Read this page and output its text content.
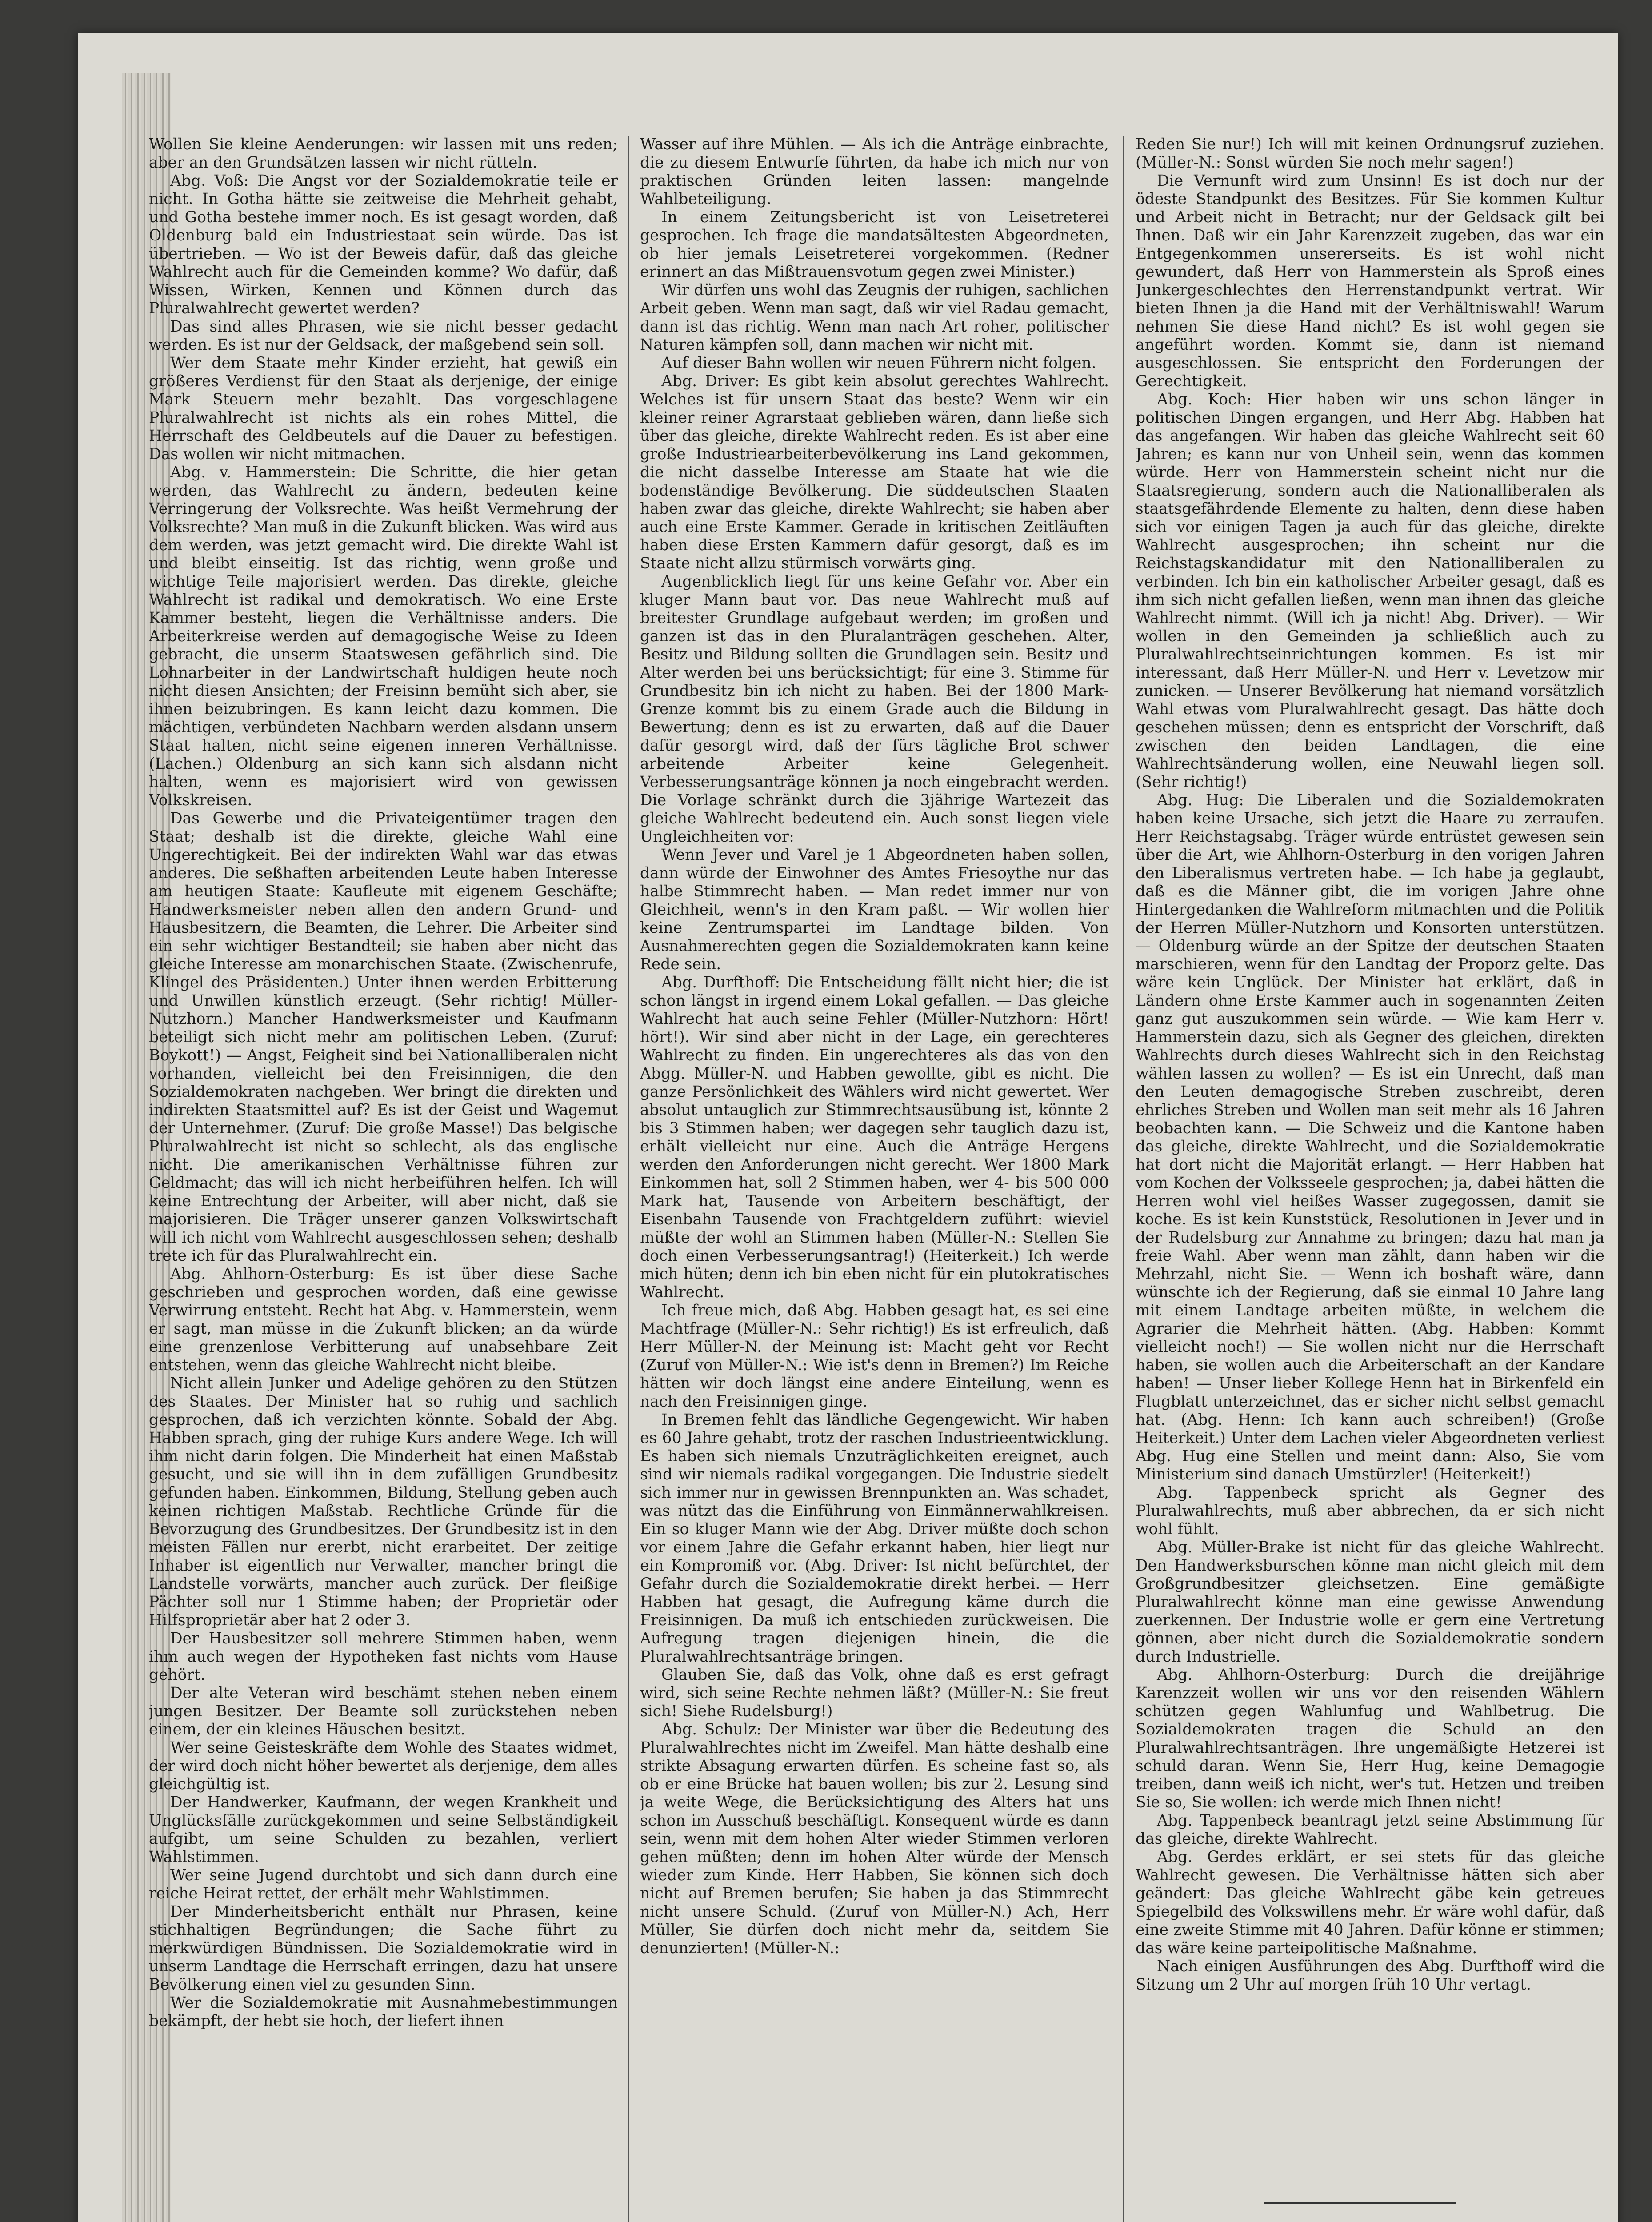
Wollen Sie kleine Aenderungen: wir lassen mit uns reden; aber an den Grundsätzen lassen wir nicht rütteln.

Abg. Voß: Die Angst vor der Sozialdemokratie teile er nicht. In Gotha hätte sie zeitweise die Mehrheit gehabt, und Gotha bestehe immer noch. Es ist gesagt worden, daß Oldenburg bald ein Industriestaat sein würde. Das ist übertrieben. — Wo ist der Beweis dafür, daß das gleiche Wahlrecht auch für die Gemeinden komme? Wo dafür, daß Wissen, Wirken, Kennen und Können durch das Pluralwahlrecht gewertet werden?

Das sind alles Phrasen, wie sie nicht besser gedacht werden. Es ist nur der Geldsack, der maßgebend sein soll.

Wer dem Staate mehr Kinder erzieht, hat gewiß ein größeres Verdienst für den Staat als derjenige, der einige Mark Steuern mehr bezahlt. Das vorgeschlagene Pluralwahlrecht ist nichts als ein rohes Mittel, die Herrschaft des Geldbeutels auf die Dauer zu befestigen. Das wollen wir nicht mitmachen.

Abg. v. Hammerstein: Die Schritte, die hier getan werden, das Wahlrecht zu ändern, bedeuten keine Verringerung der Volksrechte. Was heißt Vermehrung der Volksrechte? Man muß in die Zukunft blicken. Was wird aus dem werden, was jetzt gemacht wird. Die direkte Wahl ist und bleibt einseitig. Ist das richtig, wenn große und wichtige Teile majorisiert werden. Das direkte, gleiche Wahlrecht ist radikal und demokratisch. Wo eine Erste Kammer besteht, liegen die Verhältnisse anders. Die Arbeiterkreise werden auf demagogische Weise zu Ideen gebracht, die unserm Staatswesen gefährlich sind. Die Lohnarbeiter in der Landwirtschaft huldigen heute noch nicht diesen Ansichten; der Freisinn bemüht sich aber, sie ihnen beizubringen. Es kann leicht dazu kommen. Die mächtigen, verbündeten Nachbarn werden alsdann unsern Staat halten, nicht seine eigenen inneren Verhältnisse. (Lachen.) Oldenburg an sich kann sich alsdann nicht halten, wenn es majorisiert wird von gewissen Volkskreisen.

Das Gewerbe und die Privateigentümer tragen den Staat; deshalb ist die direkte, gleiche Wahl eine Ungerechtigkeit. Bei der indirekten Wahl war das etwas anderes. Die seßhaften arbeitenden Leute haben Interesse am heutigen Staate: Kaufleute mit eigenem Geschäfte; Handwerksmeister neben allen den andern Grund- und Hausbesitzern, die Beamten, die Lehrer. Die Arbeiter sind ein sehr wichtiger Bestandteil; sie haben aber nicht das gleiche Interesse am monarchischen Staate. (Zwischenrufe, Klingel des Präsidenten.) Unter ihnen werden Erbitterung und Unwillen künstlich erzeugt. (Sehr richtig! Müller-Nutzhorn.) Mancher Handwerksmeister und Kaufmann beteiligt sich nicht mehr am politischen Leben. (Zuruf: Boykott!) — Angst, Feigheit sind bei Nationalliberalen nicht vorhanden, vielleicht bei den Freisinnigen, die den Sozialdemokraten nachgeben. Wer bringt die direkten und indirekten Staatsmittel auf? Es ist der Geist und Wagemut der Unternehmer. (Zuruf: Die große Masse!) Das belgische Pluralwahlrecht ist nicht so schlecht, als das englische nicht. Die amerikanischen Verhältnisse führen zur Geldmacht; das will ich nicht herbeiführen helfen. Ich will keine Entrechtung der Arbeiter, will aber nicht, daß sie majorisieren. Die Träger unserer ganzen Volkswirtschaft will ich nicht vom Wahlrecht ausgeschlossen sehen; deshalb trete ich für das Pluralwahlrecht ein.

Abg. Ahlhorn-Osterburg: Es ist über diese Sache geschrieben und gesprochen worden, daß eine gewisse Verwirrung entsteht. Recht hat Abg. v. Hammerstein, wenn er sagt, man müsse in die Zukunft blicken; an da würde eine grenzenlose Verbitterung auf unabsehbare Zeit entstehen, wenn das gleiche Wahlrecht nicht bleibe.

Nicht allein Junker und Adelige gehören zu den Stützen des Staates. Der Minister hat so ruhig und sachlich gesprochen, daß ich verzichten könnte. Sobald der Abg. Habben sprach, ging der ruhige Kurs andere Wege. Ich will ihm nicht darin folgen. Die Minderheit hat einen Maßstab gesucht, und sie will ihn in dem zufälligen Grundbesitz gefunden haben. Einkommen, Bildung, Stellung geben auch keinen richtigen Maßstab. Rechtliche Gründe für die Bevorzugung des Grundbesitzes. Der Grundbesitz ist in den meisten Fällen nur ererbt, nicht erarbeitet. Der zeitige Inhaber ist eigentlich nur Verwalter, mancher bringt die Landstelle vorwärts, mancher auch zurück. Der fleißige Pächter soll nur 1 Stimme haben; der Proprietär oder Hilfsproprietär aber hat 2 oder 3.

Der Hausbesitzer soll mehrere Stimmen haben, wenn ihm auch wegen der Hypotheken fast nichts vom Hause gehört.

Der alte Veteran wird beschämt stehen neben einem jungen Besitzer. Der Beamte soll zurückstehen neben einem, der ein kleines Häuschen besitzt.

Wer seine Geisteskräfte dem Wohle des Staates widmet, der wird doch nicht höher bewertet als derjenige, dem alles gleichgültig ist.

Der Handwerker, Kaufmann, der wegen Krankheit und Unglücksfälle zurückgekommen und seine Selbständigkeit aufgibt, um seine Schulden zu bezahlen, verliert Wahlstimmen.

Wer seine Jugend durchtobt und sich dann durch eine reiche Heirat rettet, der erhält mehr Wahlstimmen.

Der Minderheitsbericht enthält nur Phrasen, keine stichhaltigen Begründungen; die Sache führt zu merkwürdigen Bündnissen. Die Sozialdemokratie wird in unserm Landtage die Herrschaft erringen, dazu hat unsere Bevölkerung einen viel zu gesunden Sinn.

Wer die Sozialdemokratie mit Ausnahmebestimmungen bekämpft, der hebt sie hoch, der liefert ihnen

Wasser auf ihre Mühlen. — Als ich die Anträge einbrachte, die zu diesem Entwurfe führten, da habe ich mich nur von praktischen Gründen leiten lassen: mangelnde Wahlbeteiligung.

In einem Zeitungsbericht ist von Leisetreterei gesprochen. Ich frage die mandatsältesten Abgeordneten, ob hier jemals Leisetreterei vorgekommen. (Redner erinnert an das Mißtrauensvotum gegen zwei Minister.)

Wir dürfen uns wohl das Zeugnis der ruhigen, sachlichen Arbeit geben. Wenn man sagt, daß wir viel Radau gemacht, dann ist das richtig. Wenn man nach Art roher, politischer Naturen kämpfen soll, dann machen wir nicht mit.

Auf dieser Bahn wollen wir neuen Führern nicht folgen.

Abg. Driver: Es gibt kein absolut gerechtes Wahlrecht. Welches ist für unsern Staat das beste? Wenn wir ein kleiner reiner Agrarstaat geblieben wären, dann ließe sich über das gleiche, direkte Wahlrecht reden. Es ist aber eine große Industriearbeiterbevölkerung ins Land gekommen, die nicht dasselbe Interesse am Staate hat wie die bodenständige Bevölkerung. Die süddeutschen Staaten haben zwar das gleiche, direkte Wahlrecht; sie haben aber auch eine Erste Kammer. Gerade in kritischen Zeitläuften haben diese Ersten Kammern dafür gesorgt, daß es im Staate nicht allzu stürmisch vorwärts ging.

Augenblicklich liegt für uns keine Gefahr vor. Aber ein kluger Mann baut vor. Das neue Wahlrecht muß auf breitester Grundlage aufgebaut werden; im großen und ganzen ist das in den Pluralanträgen geschehen. Alter, Besitz und Bildung sollten die Grundlagen sein. Besitz und Alter werden bei uns berücksichtigt; für eine 3. Stimme für Grundbesitz bin ich nicht zu haben. Bei der 1800 Mark-Grenze kommt bis zu einem Grade auch die Bildung in Bewertung; denn es ist zu erwarten, daß auf die Dauer dafür gesorgt wird, daß der fürs tägliche Brot schwer arbeitende Arbeiter keine Gelegenheit. Verbesserungsanträge können ja noch eingebracht werden. Die Vorlage schränkt durch die 3jährige Wartezeit das gleiche Wahlrecht bedeutend ein. Auch sonst liegen viele Ungleichheiten vor:

Wenn Jever und Varel je 1 Abgeordneten haben sollen, dann würde der Einwohner des Amtes Friesoythe nur das halbe Stimmrecht haben. — Man redet immer nur von Gleichheit, wenn's in den Kram paßt. — Wir wollen hier keine Zentrumspartei im Landtage bilden. Von Ausnahmerechten gegen die Sozialdemokraten kann keine Rede sein.

Abg. Durfthoff: Die Entscheidung fällt nicht hier; die ist schon längst in irgend einem Lokal gefallen. — Das gleiche Wahlrecht hat auch seine Fehler (Müller-Nutzhorn: Hört! hört!). Wir sind aber nicht in der Lage, ein gerechteres Wahlrecht zu finden. Ein ungerechteres als das von den Abgg. Müller-N. und Habben gewollte, gibt es nicht. Die ganze Persönlichkeit des Wählers wird nicht gewertet. Wer absolut untauglich zur Stimmrechtsausübung ist, könnte 2 bis 3 Stimmen haben; wer dagegen sehr tauglich dazu ist, erhält vielleicht nur eine. Auch die Anträge Hergens werden den Anforderungen nicht gerecht. Wer 1800 Mark Einkommen hat, soll 2 Stimmen haben, wer 4- bis 500 000 Mark hat, Tausende von Arbeitern beschäftigt, der Eisenbahn Tausende von Frachtgeldern zuführt: wieviel müßte der wohl an Stimmen haben (Müller-N.: Stellen Sie doch einen Verbesserungsantrag!) (Heiterkeit.) Ich werde mich hüten; denn ich bin eben nicht für ein plutokratisches Wahlrecht.

Ich freue mich, daß Abg. Habben gesagt hat, es sei eine Machtfrage (Müller-N.: Sehr richtig!) Es ist erfreulich, daß Herr Müller-N. der Meinung ist: Macht geht vor Recht (Zuruf von Müller-N.: Wie ist's denn in Bremen?) Im Reiche hätten wir doch längst eine andere Einteilung, wenn es nach den Freisinnigen ginge.

In Bremen fehlt das ländliche Gegengewicht. Wir haben es 60 Jahre gehabt, trotz der raschen Industrieentwicklung. Es haben sich niemals Unzuträglichkeiten ereignet, auch sind wir niemals radikal vorgegangen. Die Industrie siedelt sich immer nur in gewissen Brennpunkten an. Was schadet, was nützt das die Einführung von Einmännerwahlkreisen. Ein so kluger Mann wie der Abg. Driver müßte doch schon vor einem Jahre die Gefahr erkannt haben, hier liegt nur ein Kompromiß vor. (Abg. Driver: Ist nicht befürchtet, der Gefahr durch die Sozialdemokratie direkt herbei. — Herr Habben hat gesagt, die Aufregung käme durch die Freisinnigen. Da muß ich entschieden zurückweisen. Die Aufregung tragen diejenigen hinein, die die Pluralwahlrechtsanträge bringen.

Glauben Sie, daß das Volk, ohne daß es erst gefragt wird, sich seine Rechte nehmen läßt? (Müller-N.: Sie freut sich! Siehe Rudelsburg!)

Abg. Schulz: Der Minister war über die Bedeutung des Pluralwahlrechtes nicht im Zweifel. Man hätte deshalb eine strikte Absagung erwarten dürfen. Es scheine fast so, als ob er eine Brücke hat bauen wollen; bis zur 2. Lesung sind ja weite Wege, die Berücksichtigung des Alters hat uns schon im Ausschuß beschäftigt. Konsequent würde es dann sein, wenn mit dem hohen Alter wieder Stimmen verloren gehen müßten; denn im hohen Alter würde der Mensch wieder zum Kinde. Herr Habben, Sie können sich doch nicht auf Bremen berufen; Sie haben ja das Stimmrecht nicht unsere Schuld. (Zuruf von Müller-N.) Ach, Herr Müller, Sie dürfen doch nicht mehr da, seitdem Sie denunzierten! (Müller-N.:

Reden Sie nur!) Ich will mit keinen Ordnungsruf zuziehen. (Müller-N.: Sonst würden Sie noch mehr sagen!)

Die Vernunft wird zum Unsinn! Es ist doch nur der ödeste Standpunkt des Besitzes. Für Sie kommen Kultur und Arbeit nicht in Betracht; nur der Geldsack gilt bei Ihnen. Daß wir ein Jahr Karenzzeit zugeben, das war ein Entgegenkommen unsererseits. Es ist wohl nicht gewundert, daß Herr von Hammerstein als Sproß eines Junkergeschlechtes den Herrenstandpunkt vertrat. Wir bieten Ihnen ja die Hand mit der Verhältniswahl! Warum nehmen Sie diese Hand nicht? Es ist wohl gegen sie angeführt worden. Kommt sie, dann ist niemand ausgeschlossen. Sie entspricht den Forderungen der Gerechtigkeit.

Abg. Koch: Hier haben wir uns schon länger in politischen Dingen ergangen, und Herr Abg. Habben hat das angefangen. Wir haben das gleiche Wahlrecht seit 60 Jahren; es kann nur von Unheil sein, wenn das kommen würde. Herr von Hammerstein scheint nicht nur die Staatsregierung, sondern auch die Nationalliberalen als staatsgefährdende Elemente zu halten, denn diese haben sich vor einigen Tagen ja auch für das gleiche, direkte Wahlrecht ausgesprochen; ihn scheint nur die Reichstagskandidatur mit den Nationalliberalen zu verbinden. Ich bin ein katholischer Arbeiter gesagt, daß es ihm sich nicht gefallen ließen, wenn man ihnen das gleiche Wahlrecht nimmt. (Will ich ja nicht! Abg. Driver). — Wir wollen in den Gemeinden ja schließlich auch zu Pluralwahlrechtseinrichtungen kommen. Es ist mir interessant, daß Herr Müller-N. und Herr v. Levetzow mir zunicken. — Unserer Bevölkerung hat niemand vorsätzlich Wahl etwas vom Pluralwahlrecht gesagt. Das hätte doch geschehen müssen; denn es entspricht der Vorschrift, daß zwischen den beiden Landtagen, die eine Wahlrechtsänderung wollen, eine Neuwahl liegen soll. (Sehr richtig!)

Abg. Hug: Die Liberalen und die Sozialdemokraten haben keine Ursache, sich jetzt die Haare zu zerraufen. Herr Reichstagsabg. Träger würde entrüstet gewesen sein über die Art, wie Ahlhorn-Osterburg in den vorigen Jahren den Liberalismus vertreten habe. — Ich habe ja geglaubt, daß es die Männer gibt, die im vorigen Jahre ohne Hintergedanken die Wahlreform mitmachten und die Politik der Herren Müller-Nutzhorn und Konsorten unterstützen. — Oldenburg würde an der Spitze der deutschen Staaten marschieren, wenn für den Landtag der Proporz gelte. Das wäre kein Unglück. Der Minister hat erklärt, daß in Ländern ohne Erste Kammer auch in sogenannten Zeiten ganz gut auszukommen sein würde. — Wie kam Herr v. Hammerstein dazu, sich als Gegner des gleichen, direkten Wahlrechts durch dieses Wahlrecht sich in den Reichstag wählen lassen zu wollen? — Es ist ein Unrecht, daß man den Leuten demagogische Streben zuschreibt, deren ehrliches Streben und Wollen man seit mehr als 16 Jahren beobachten kann. — Die Schweiz und die Kantone haben das gleiche, direkte Wahlrecht, und die Sozialdemokratie hat dort nicht die Majorität erlangt. — Herr Habben hat vom Kochen der Volksseele gesprochen; ja, dabei hätten die Herren wohl viel heißes Wasser zugegossen, damit sie koche. Es ist kein Kunststück, Resolutionen in Jever und in der Rudelsburg zur Annahme zu bringen; dazu hat man ja freie Wahl. Aber wenn man zählt, dann haben wir die Mehrzahl, nicht Sie. — Wenn ich boshaft wäre, dann wünschte ich der Regierung, daß sie einmal 10 Jahre lang mit einem Landtage arbeiten müßte, in welchem die Agrarier die Mehrheit hätten. (Abg. Habben: Kommt vielleicht noch!) — Sie wollen nicht nur die Herrschaft haben, sie wollen auch die Arbeiterschaft an der Kandare haben! — Unser lieber Kollege Henn hat in Birkenfeld ein Flugblatt unterzeichnet, das er sicher nicht selbst gemacht hat. (Abg. Henn: Ich kann auch schreiben!) (Große Heiterkeit.) Unter dem Lachen vieler Abgeordneten verliest Abg. Hug eine Stellen und meint dann: Also, Sie vom Ministerium sind danach Umstürzler! (Heiterkeit!)

Abg. Tappenbeck spricht als Gegner des Pluralwahlrechts, muß aber abbrechen, da er sich nicht wohl fühlt.

Abg. Müller-Brake ist nicht für das gleiche Wahlrecht. Den Handwerksburschen könne man nicht gleich mit dem Großgrundbesitzer gleichsetzen. Eine gemäßigte Pluralwahlrecht könne man eine gewisse Anwendung zuerkennen. Der Industrie wolle er gern eine Vertretung gönnen, aber nicht durch die Sozialdemokratie sondern durch Industrielle.

Abg. Ahlhorn-Osterburg: Durch die dreijährige Karenzzeit wollen wir uns vor den reisenden Wählern schützen gegen Wahlunfug und Wahlbetrug. Die Sozialdemokraten tragen die Schuld an den Pluralwahlrechtsanträgen. Ihre ungemäßigte Hetzerei ist schuld daran. Wenn Sie, Herr Hug, keine Demagogie treiben, dann weiß ich nicht, wer's tut. Hetzen und treiben Sie so, Sie wollen: ich werde mich Ihnen nicht!

Abg. Tappenbeck beantragt jetzt seine Abstimmung für das gleiche, direkte Wahlrecht.

Abg. Gerdes erklärt, er sei stets für das gleiche Wahlrecht gewesen. Die Verhältnisse hätten sich aber geändert: Das gleiche Wahlrecht gäbe kein getreues Spiegelbild des Volkswillens mehr. Er wäre wohl dafür, daß eine zweite Stimme mit 40 Jahren. Dafür könne er stimmen; das wäre keine parteipolitische Maßnahme.

Nach einigen Ausführungen des Abg. Durfthoff wird die Sitzung um 2 Uhr auf morgen früh 10 Uhr vertagt.
